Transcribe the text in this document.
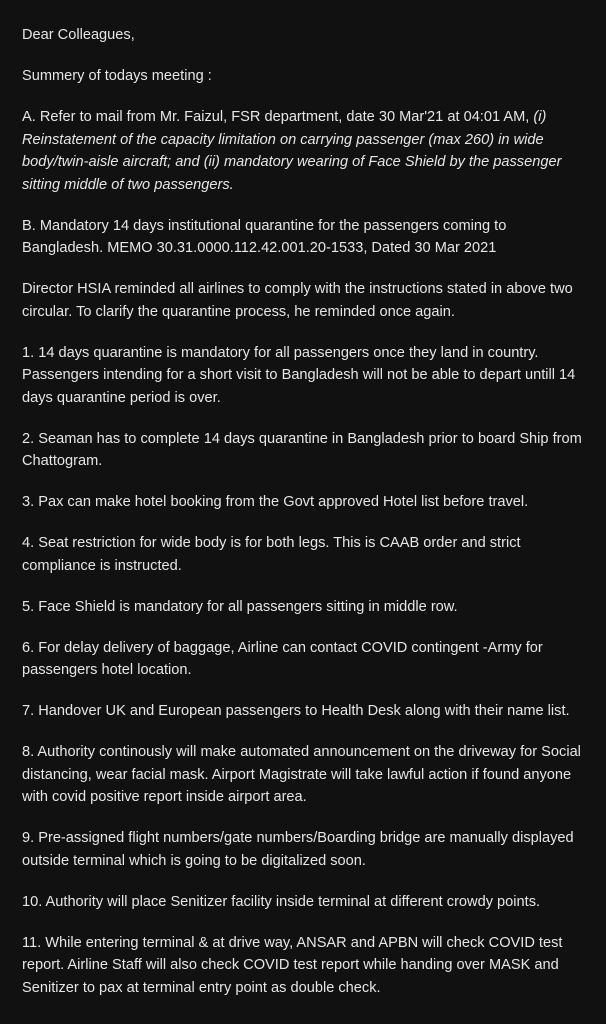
Dear Colleagues,

Summery of todays meeting :

A. Refer to mail from Mr. Faizul, FSR department, date 30 Mar'21 at 04:01 AM, (i) Reinstatement of the capacity limitation on carrying passenger (max 260) in wide body/twin-aisle aircraft; and (ii) mandatory wearing of Face Shield by the passenger sitting middle of two passengers.

B. Mandatory 14 days institutional quarantine for the passengers coming to Bangladesh. MEMO 30.31.0000.112.42.001.20-1533, Dated 30 Mar 2021

Director HSIA reminded all airlines to comply with the instructions stated in above two circular. To clarify the quarantine process, he reminded once again.

1. 14 days quarantine is mandatory for all passengers once they land in country. Passengers intending for a short visit to Bangladesh will not be able to depart untill 14 days quarantine period is over.

2. Seaman has to complete 14 days quarantine in Bangladesh prior to board Ship from Chattogram.

3. Pax can make hotel booking from the Govt approved Hotel list before travel.

4. Seat restriction for wide body is for both legs. This is CAAB order and strict compliance is instructed.

5. Face Shield is mandatory for all passengers sitting in middle row.

6. For delay delivery of baggage, Airline can contact COVID contingent -Army for passengers hotel location.

7. Handover UK and European passengers to Health Desk along with their name list.

8. Authority continously will make automated announcement on the driveway for Social distancing, wear facial mask. Airport Magistrate will take lawful action if found anyone with covid positive report inside airport area.

9. Pre-assigned flight numbers/gate numbers/Boarding bridge are manually displayed outside terminal which is going to be digitalized soon.

10. Authority will place Senitizer facility inside terminal at different crowdy points.

11. While entering terminal & at drive way, ANSAR and APBN will check COVID test report. Airline Staff will also check COVID test report while handing over MASK and Senitizer to pax at terminal entry point as double check.
